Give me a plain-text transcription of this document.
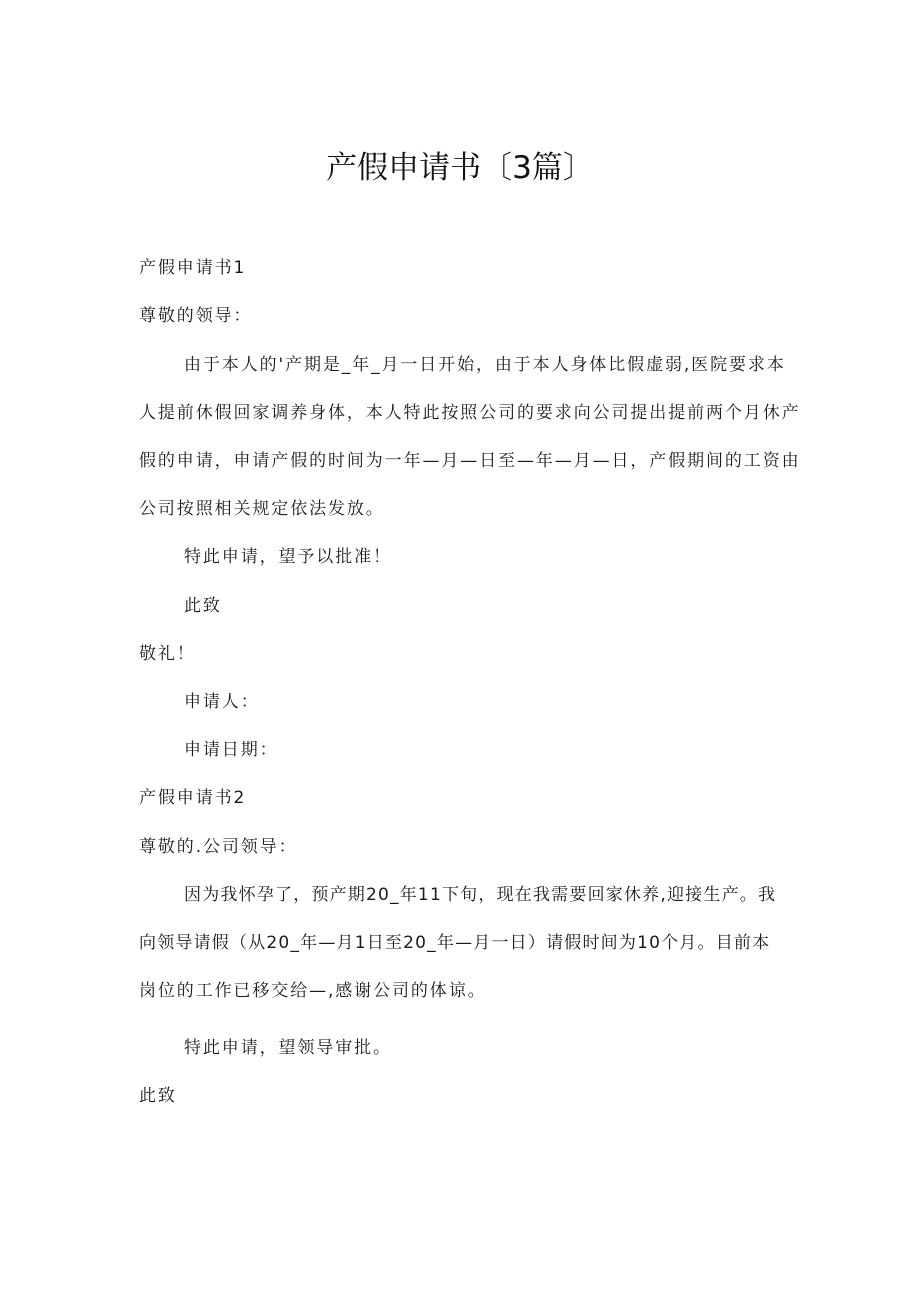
产假申请书〔3篇〕
产假申请书1
尊敬的领导：
由于本人的'产期是_年_月一日开始，由于本人身体比假虚弱,医院要求本
人提前休假回家调养身体，本人特此按照公司的要求向公司提出提前两个月休产
假的申请，申请产假的时间为一年—月—日至—年—月—日，产假期间的工资由
公司按照相关规定依法发放。
特此申请，望予以批准！
此致
敬礼！
申请人：
申请日期：
产假申请书2
尊敬的.公司领导：
因为我怀孕了，预产期20_年11下旬，现在我需要回家休养,迎接生产。我
向领导请假（从20_年—月1日至20_年—月一日）请假时间为10个月。目前本
岗位的工作已移交给—,感谢公司的体谅。
特此申请，望领导审批。
此致
